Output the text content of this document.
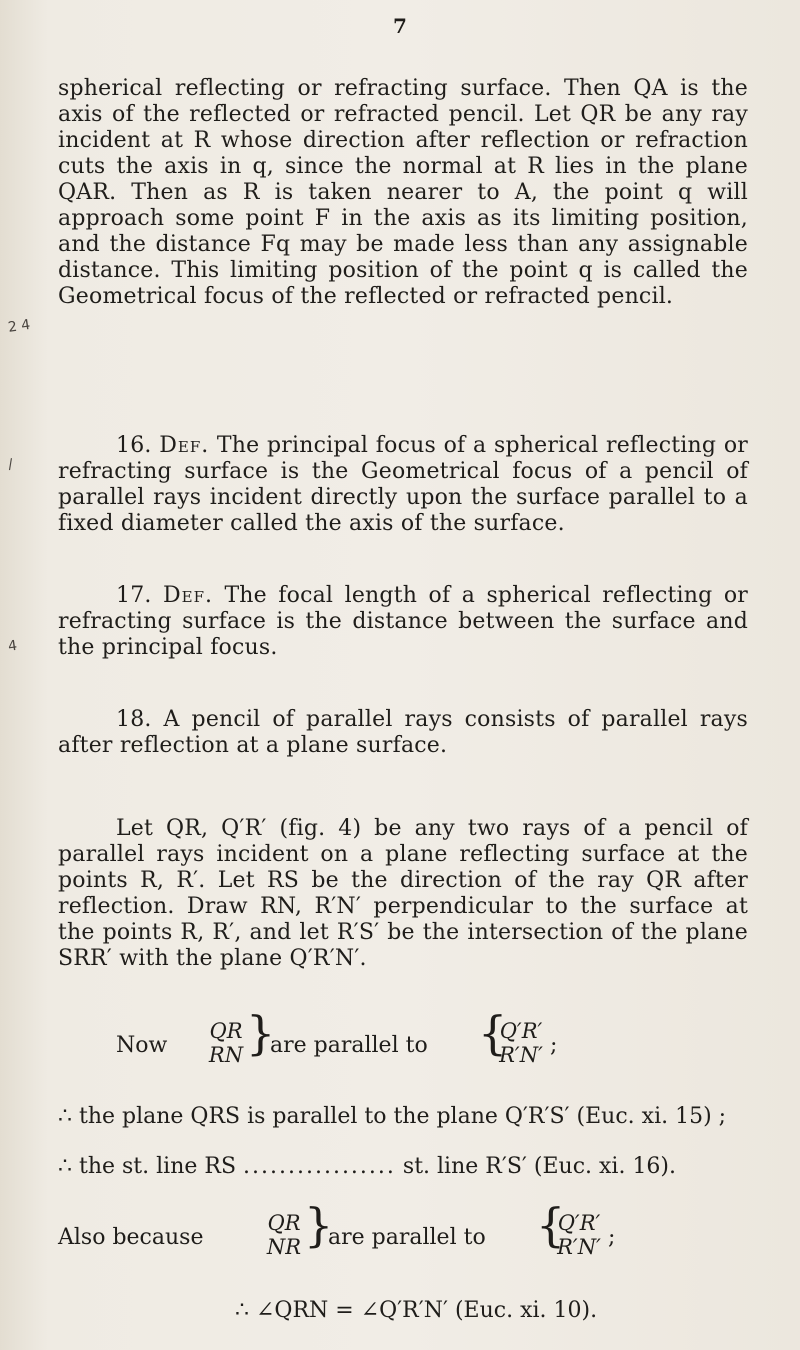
2 4
/
4
7
spherical reflecting or refracting surface. Then QA is the axis of the reflected or refracted pencil. Let QR be any ray incident at R whose direction after reflection or refraction cuts the axis in q, since the normal at R lies in the plane QAR. Then as R is taken nearer to A, the point q will approach some point F in the axis as its limiting position, and the distance Fq may be made less than any assignable distance. This limiting position of the point q is called the Geometrical focus of the reflected or refracted pencil.
16. Def. The principal focus of a spherical reflecting or refracting surface is the Geometrical focus of a pencil of parallel rays incident directly upon the surface parallel to a fixed diameter called the axis of the surface.
17. Def. The focal length of a spherical reflecting or refracting surface is the distance between the surface and the principal focus.
18. A pencil of parallel rays consists of parallel rays after reflection at a plane surface.
Let QR, Q′R′ (fig. 4) be any two rays of a pencil of parallel rays incident on a plane reflecting surface at the points R, R′. Let RS be the direction of the ray QR after reflection. Draw RN, R′N′ perpendicular to the surface at the points R, R′, and let R′S′ be the intersection of the plane SRR′ with the plane Q′R′N′.
Now
QR
RN }
are parallel to {
Q′R′
R′N′ ;
∴ the plane QRS is parallel to the plane Q′R′S′ (Euc. xi. 15) ;
∴ the st. line RS ................. st. line R′S′ (Euc. xi. 16).
Also because
QR
NR }
are parallel to {
Q′R′
R′N′ ;
∴ ∠QRN = ∠Q′R′N′ (Euc. xi. 10).
